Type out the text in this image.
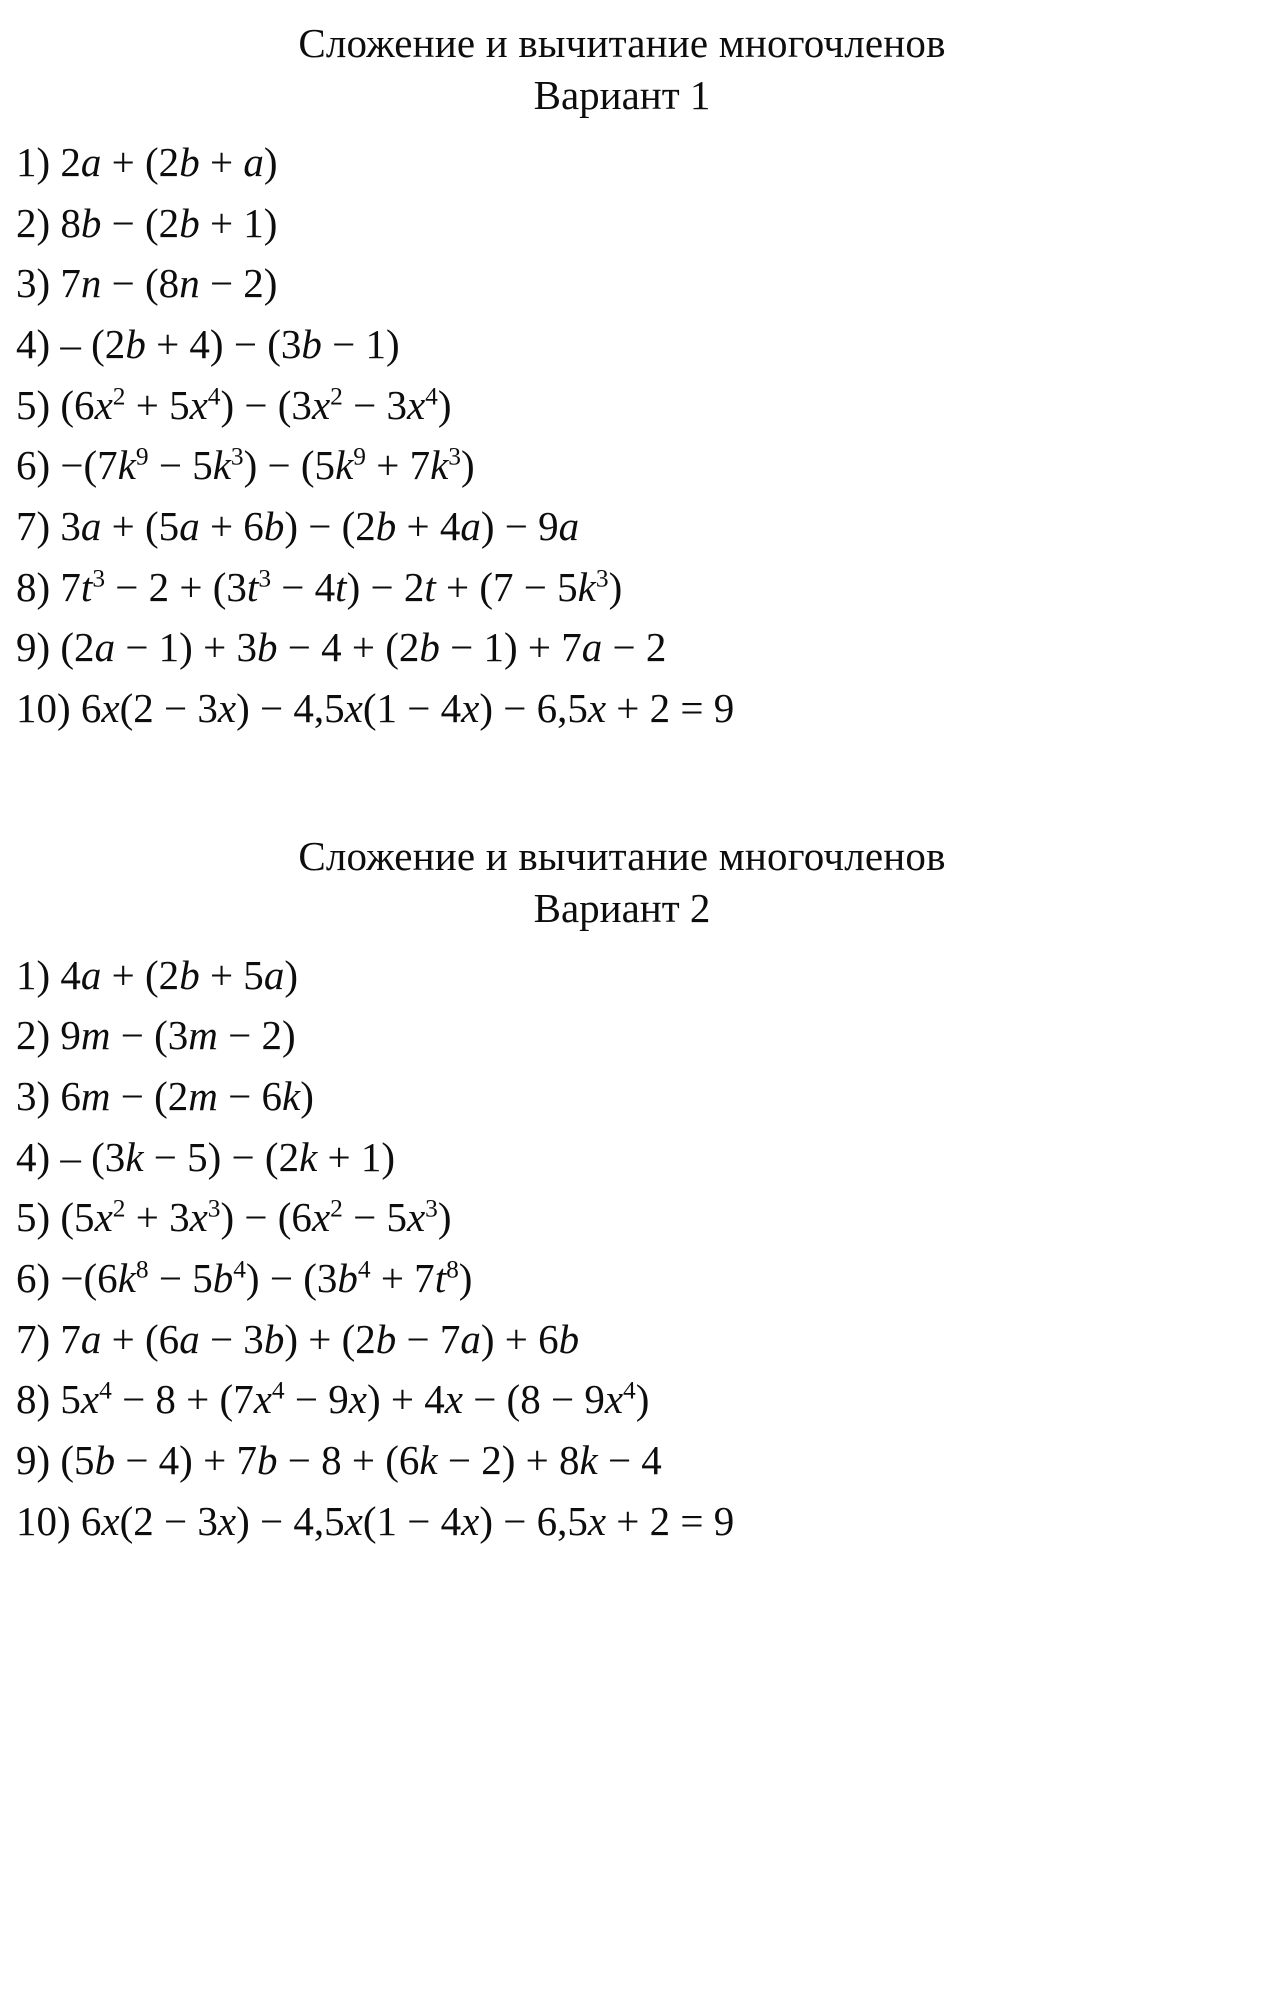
Сложение и вычитание многочленов
Вариант 1
1) 2a + (2b + a)
2) 8b − (2b + 1)
3) 7n − (8n − 2)
4) – (2b + 4) − (3b − 1)
5) $(6x^2 + 5x^4) - (3x^2 - 3x^4)$
$6) -(7k^9 - 5k^3) - (5k^9 + 7k^3)$
7) 3a + (5a + 6b) − (2b + 4a) − 9a
8) $7t^3 - 2 + (3t^3 - 4t) - 2t + (7 - 5k^3)$
9) (2a − 1) + 3b − 4 + (2b − 1) + 7a − 2
10) 6x(2 − 3x) − 4,5x(1 − 4x) − 6,5x + 2 = 9
Сложение и вычитание многочленов
Вариант 2
1) 4a + (2b + 5a)
2) 9m − (3m − 2)
3) 6m − (2m − 6k)
4) – (3k − 5) − (2k + 1)
5) $(5x^2 + 3x^3) - (6x^2 - 5x^3)$
$6) -(6k^8 - 5b^4) - (3b^4 + 7t^8)$
7) 7a + (6a − 3b) + (2b − 7a) + 6b
8) $5x^4 - 8 + (7x^4 - 9x) + 4x - (8 - 9x^4)$
9) (5b − 4) + 7b − 8 + (6k − 2) + 8k − 4
10) 6x(2 − 3x) − 4,5x(1 − 4x) − 6,5x + 2 = 9
